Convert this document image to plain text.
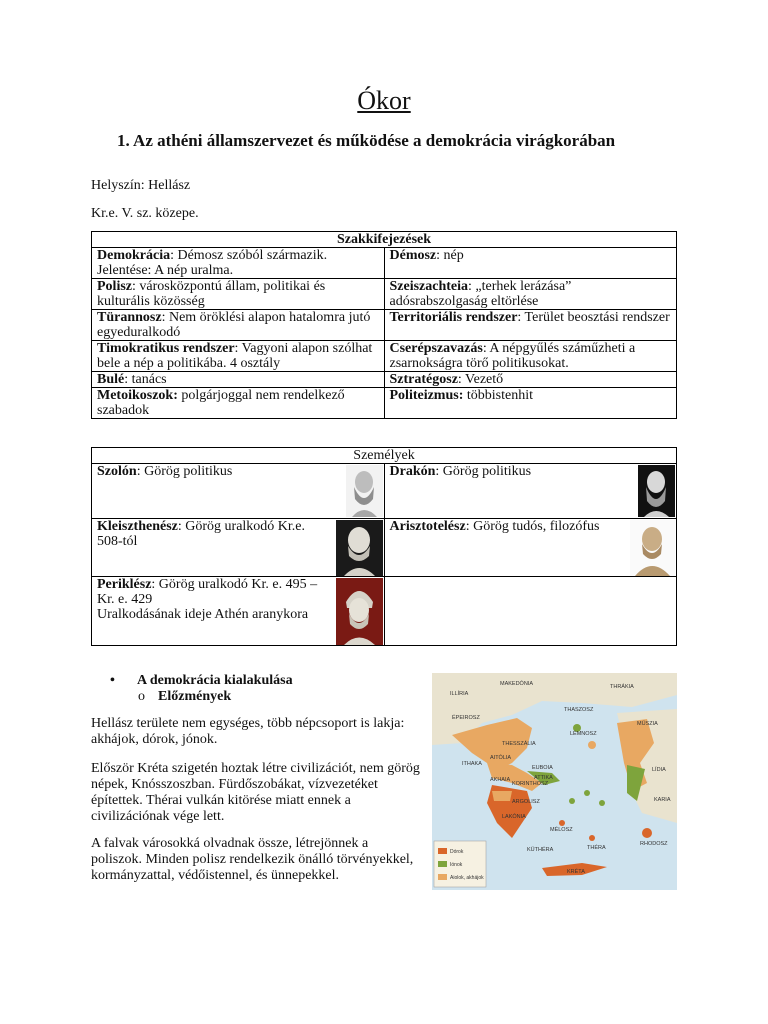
Ókor
1. Az athéni államszervezet és működése a demokrácia virágkorában
Helyszín: Hellász
Kr.e. V. sz. közepe.
Szakkifejezések	
Demokrácia: Démosz szóból származik. Jelentése: A nép uralma.	Démosz: nép
Polisz: városközpontú állam, politikai és kulturális közösség	Szeiszachteia: „terhek lerázása” adósrabszolgaság eltörlése
Türannosz: Nem öröklési alapon hatalomra jutó egyeduralkodó	Territoriális rendszer: Terület beosztási rendszer
Timokratikus rendszer: Vagyoni alapon szólhat bele a nép a politikába. 4 osztály	Cserépszavazás: A népgyűlés száműzheti a zsarnokságra törő politikusokat.
Bulé: tanács	Sztratégosz: Vezető
Metoikoszok: polgárjoggal nem rendelkező szabadok	Politeizmus: többistenhit
Személyek	

Szolón: Görög politikus	Drakón: Görög politikus

Kleiszthenész: Görög uralkodó Kr.e. 508-tól	Arisztotelész: Görög tudós, filozófus

Periklész: Görög uralkodó Kr. e. 495 – Kr. e. 429
Uralkodásának ideje Athén aranykora	

• A demokrácia kialakulása
o Előzmények
Hellász területe nem egységes, több népcsoport is lakja: akhájok, dórok, jónok.
Először Kréta szigetén hoztak létre civilizációt, nem görög népek, Knósszoszban. Fürdőszobákat, vízvezetéket építettek. Thérai vulkán kitörése miatt ennek a civilizációnak vége lett.
A falvak városokká olvadnak össze, létrejönnek a poliszok. Minden polisz rendelkezik önálló törvényekkel, kormányzattal, védőistennel, és ünnepekkel.
ILLÍRIA
MAKEDÓNIA	THRÁKIA
ÉPEIROSZ
THASZOSZ
LÉMNOSZ
THESSZÁLIA
MÜSZIA
LÍDIA
ITHAKA
AITÓLIA
EUBOIA
ATTIKA
KARIA
AKHAIA
KORINTHOSZ
ARGOLISZ
LAKÓNIA
RHODOSZ
KRÉTA
MÉLOSZ
THÉRA
KÜTHÉRA
Dórok
Iónok
Aiolok, akhájok
